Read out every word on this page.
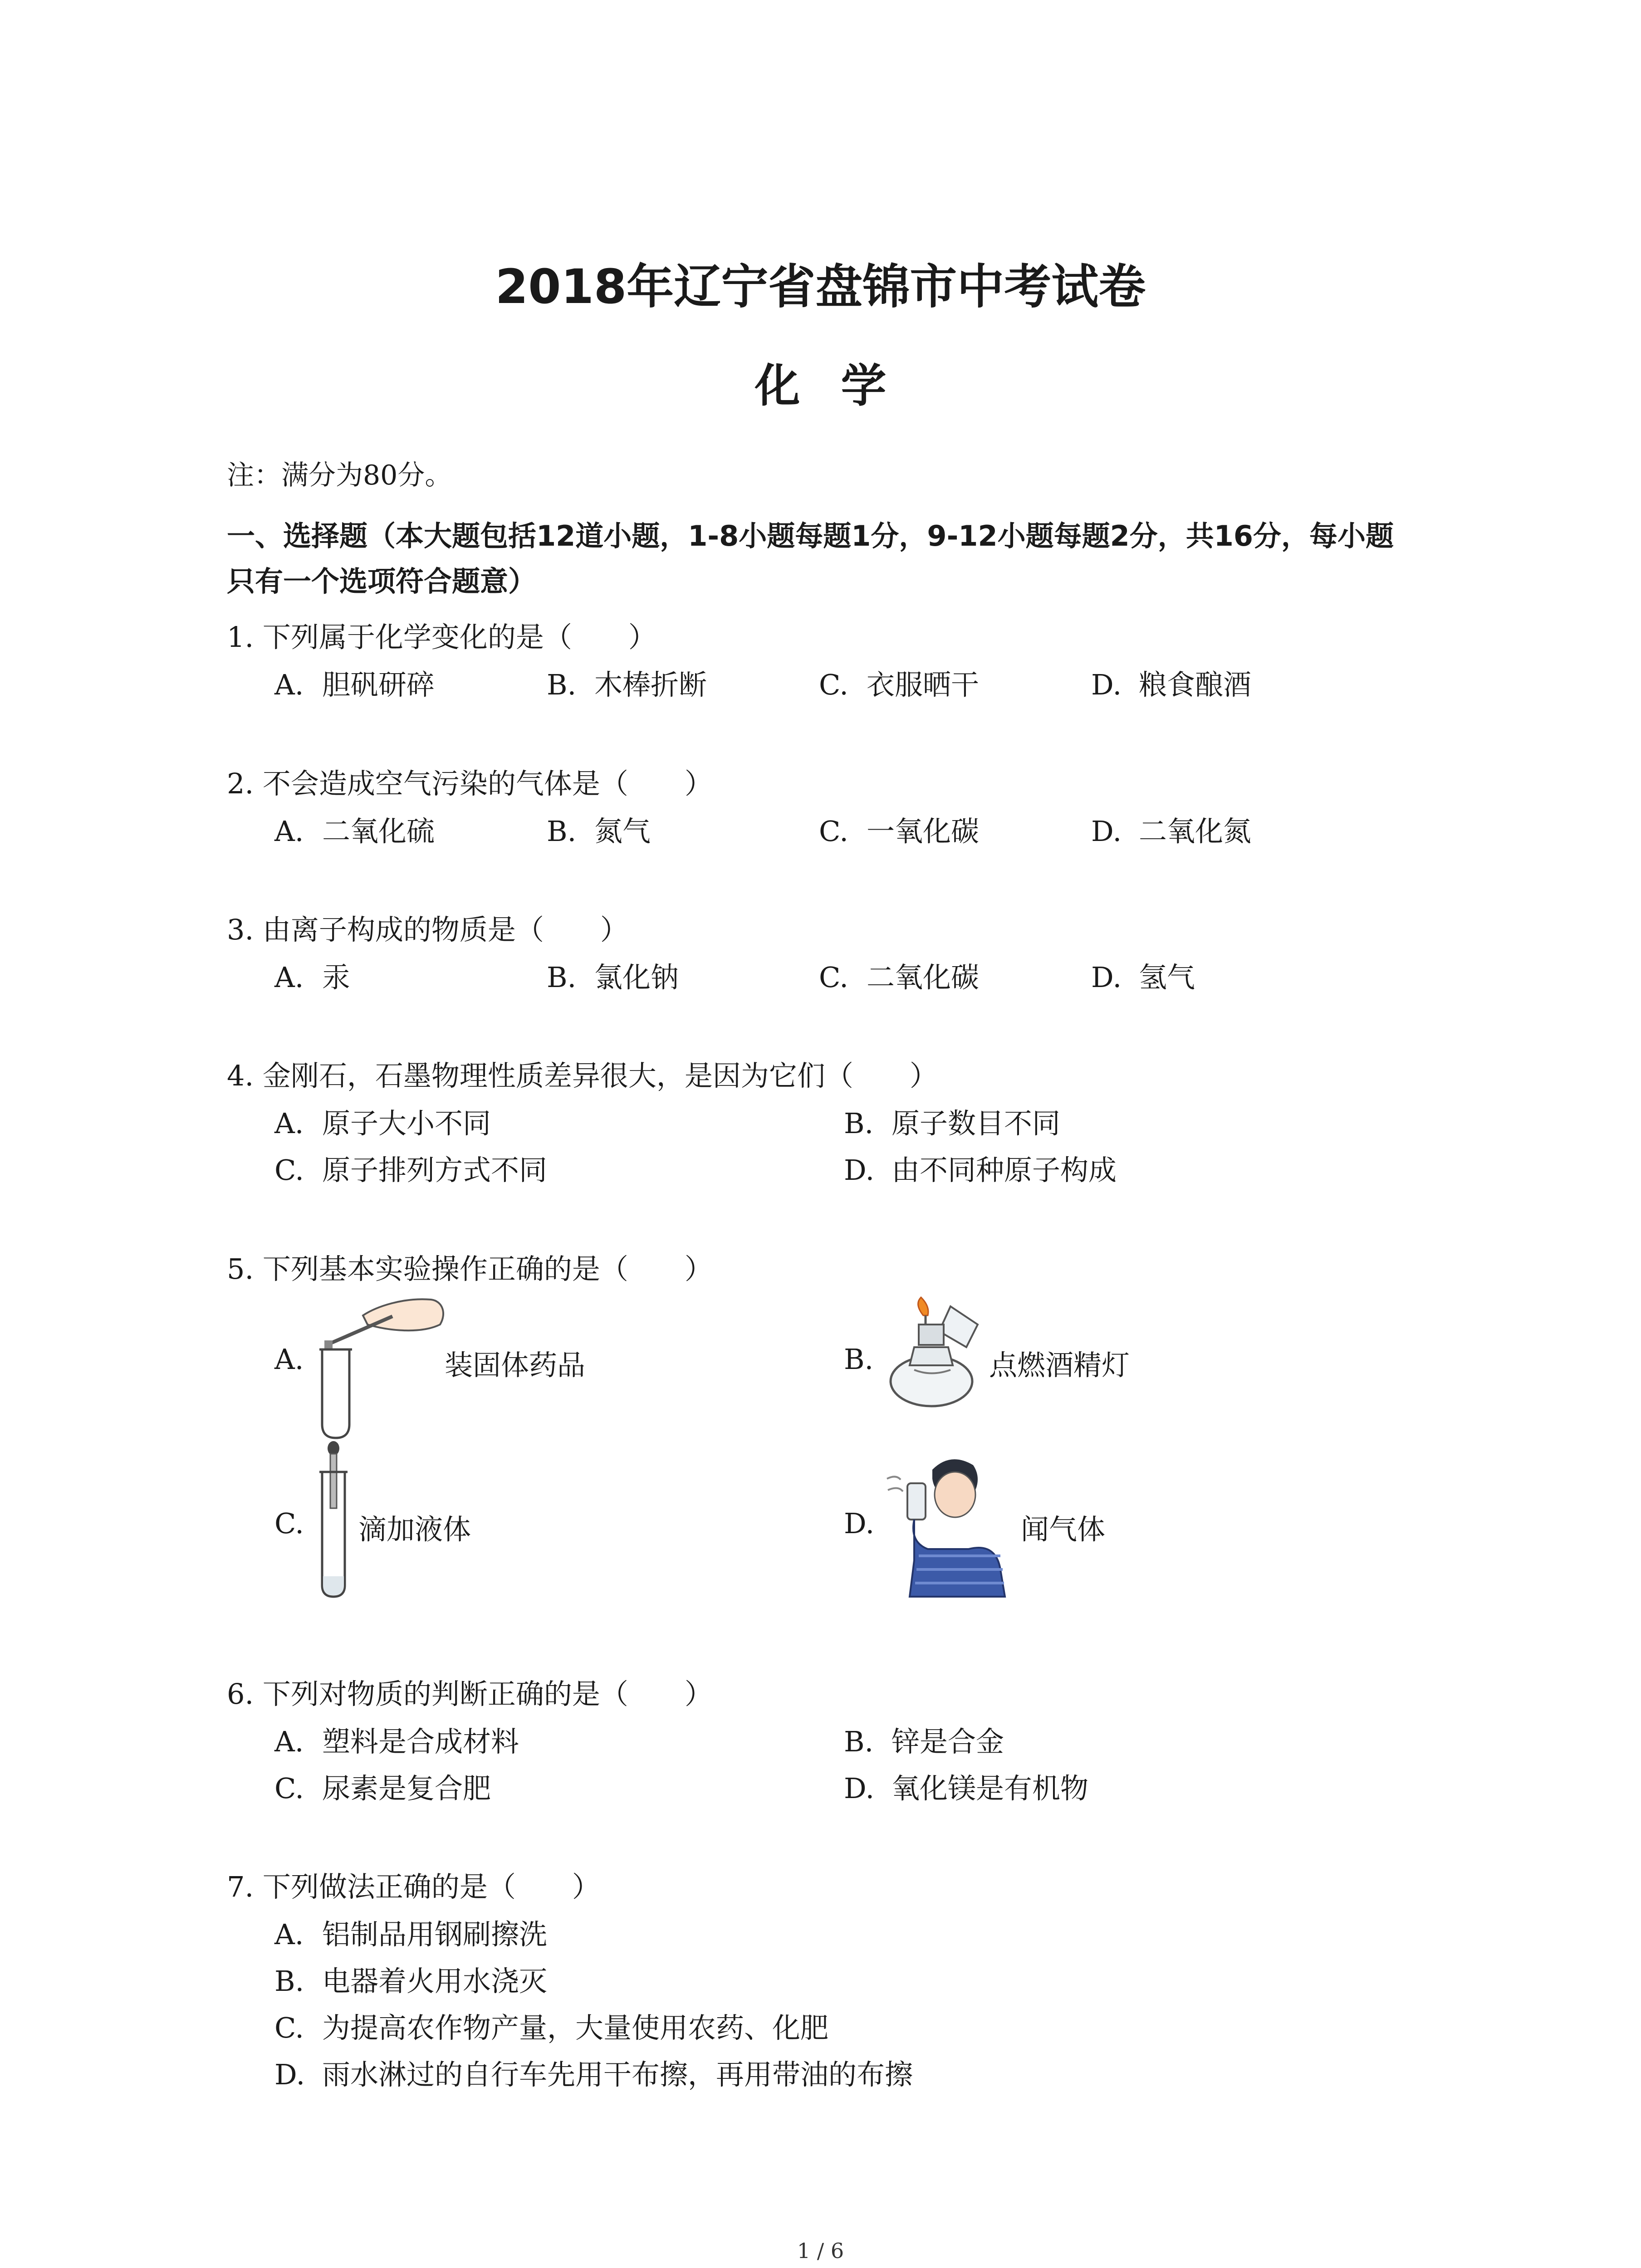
2018年辽宁省盘锦市中考试卷
化学
注：满分为80分。
一、选择题（本大题包括12道小题，1-8小题每题1分，9-12小题每题2分，共16分，每小题
只有一个选项符合题意）
1. 下列属于化学变化的是（　　）
A. 胆矾研碎	B. 木棒折断	C. 衣服晒干	D. 粮食酿酒
2. 不会造成空气污染的气体是（　　）
A. 二氧化硫	B. 氮气	C. 一氧化碳	D. 二氧化氮
3. 由离子构成的物质是（　　）
A. 汞	B. 氯化钠	C. 二氧化碳	D. 氢气
4. 金刚石，石墨物理性质差异很大，是因为它们（　　）
A. 原子大小不同	B. 原子数目不同
C. 原子排列方式不同	D. 由不同种原子构成
5. 下列基本实验操作正确的是（　　）
A.	装固体药品	B.	点燃酒精灯
C. 滴加液体	D.	闻气体
6. 下列对物质的判断正确的是（　　）
A. 塑料是合成材料	B. 锌是合金
C. 尿素是复合肥	D. 氧化镁是有机物
7. 下列做法正确的是（　　）
A. 铝制品用钢刷擦洗
B. 电器着火用水浇灭
C. 为提高农作物产量，大量使用农药、化肥
D. 雨水淋过的自行车先用干布擦，再用带油的布擦
1 / 6
